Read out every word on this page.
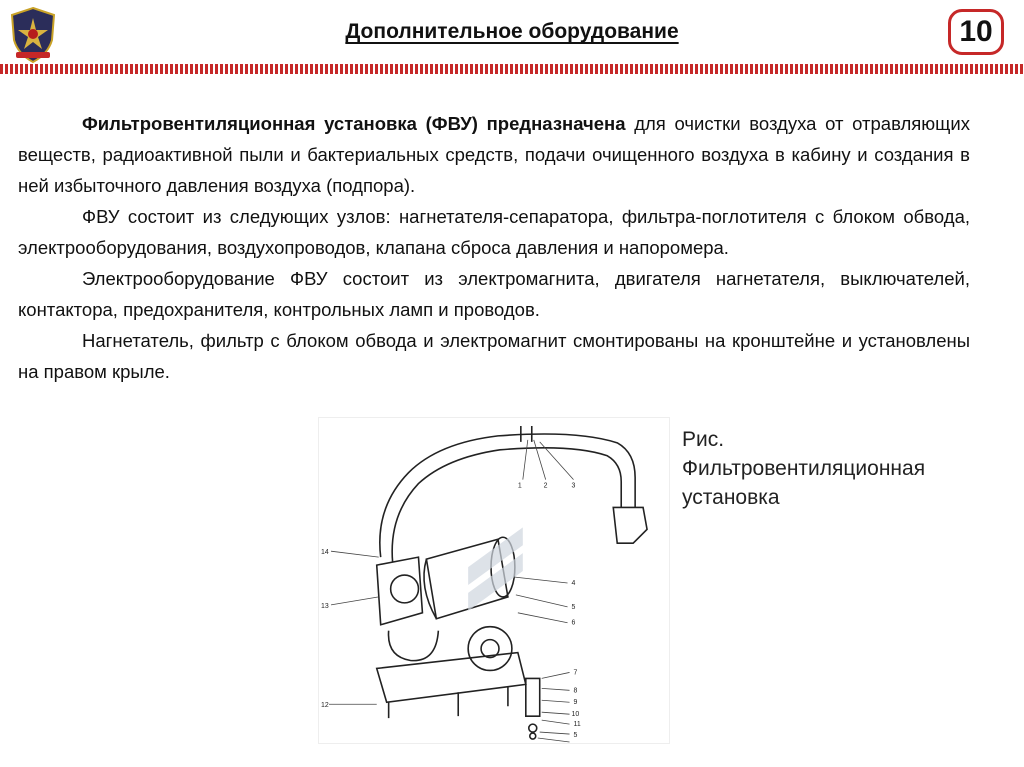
Дополнительное оборудование	10

Фильтровентиляционная установка (ФВУ) предназначена для очистки воздуха от отравляющих веществ, радиоактивной пыли и бактериальных средств, подачи очищенного воздуха в кабину и создания в ней избыточного давления воздуха (подпора).

ФВУ состоит из следующих узлов: нагнетателя-сепаратора, фильтра-поглотителя с блоком обвода, электрооборудования, воздухопроводов, клапана сброса давления и напоромера.

Электрооборудование ФВУ состоит из электромагнита, двигателя нагнетателя, выключателей, контактора, предохранителя, контрольных ламп и проводов.

Нагнетатель, фильтр с блоком обвода и электромагнит смонтированы на кронштейне и установлены на правом крыле.

1	2	3
4
5
6
7
8
9
10
11
5
12
13
14
Рис.
Фильтровентиляционная
установка
